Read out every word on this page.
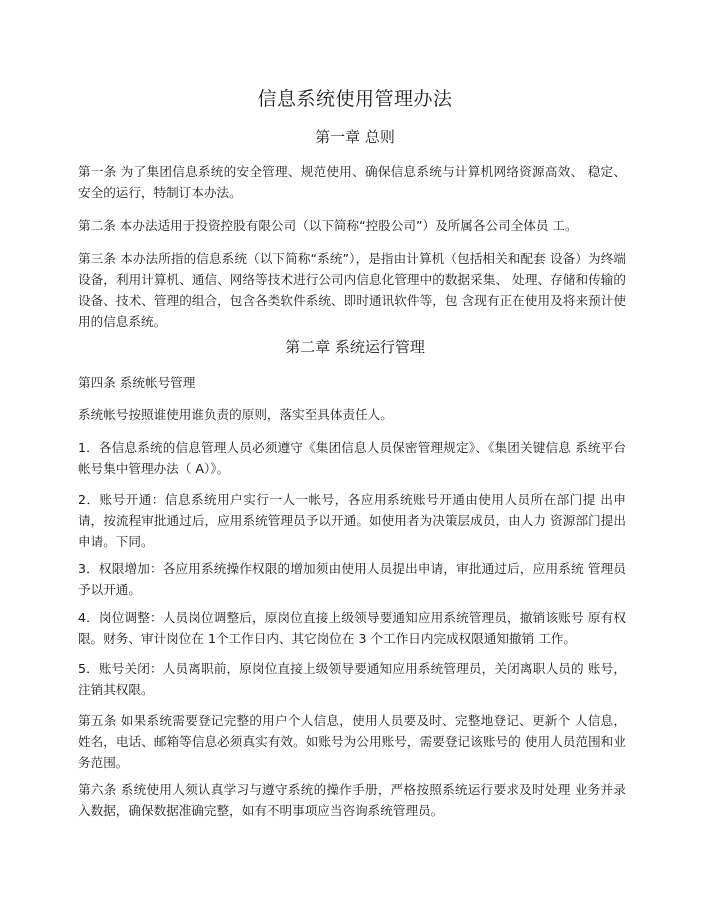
信息系统使用管理办法
第一章 总则
第一条 为了集团信息系统的安全管理、规范使用、确保信息系统与计算机网络资源高效、 稳定、安全的运行，特制订本办法。
第二条 本办法适用于投资控股有限公司（以下简称“控股公司”）及所属各公司全体员 工。
第三条 本办法所指的信息系统（以下简称“系统”），是指由计算机（包括相关和配套 设备）为终端设备，利用计算机、通信、网络等技术进行公司内信息化管理中的数据采集、 处理、存储和传输的设备、技术、管理的组合，包含各类软件系统、即时通讯软件等，包 含现有正在使用及将来预计使用的信息系统。
第二章 系统运行管理
第四条 系统帐号管理
系统帐号按照谁使用谁负责的原则，落实至具体责任人。
1．各信息系统的信息管理人员必须遵守《集团信息人员保密管理规定》、《集团关键信息 系统平台帐号集中管理办法（ A）》。
2．账号开通：信息系统用户实行一人一帐号，各应用系统账号开通由使用人员所在部门提 出申请，按流程审批通过后，应用系统管理员予以开通。如使用者为决策层成员，由人力 资源部门提出申请。下同。
3．权限增加：各应用系统操作权限的增加须由使用人员提出申请，审批通过后，应用系统 管理员予以开通。
4．岗位调整：人员岗位调整后，原岗位直接上级领导要通知应用系统管理员，撤销该账号 原有权限。财务、审计岗位在 1个工作日内、其它岗位在 3 个工作日内完成权限通知撤销 工作。
5．账号关闭：人员离职前，原岗位直接上级领导要通知应用系统管理员，关闭离职人员的 账号，注销其权限。
第五条 如果系统需要登记完整的用户个人信息，使用人员要及时、完整地登记、更新个 人信息，姓名，电话、邮箱等信息必须真实有效。如账号为公用账号，需要登记该账号的 使用人员范围和业务范围。
第六条 系统使用人须认真学习与遵守系统的操作手册，严格按照系统运行要求及时处理 业务并录入数据，确保数据准确完整，如有不明事项应当咨询系统管理员。
